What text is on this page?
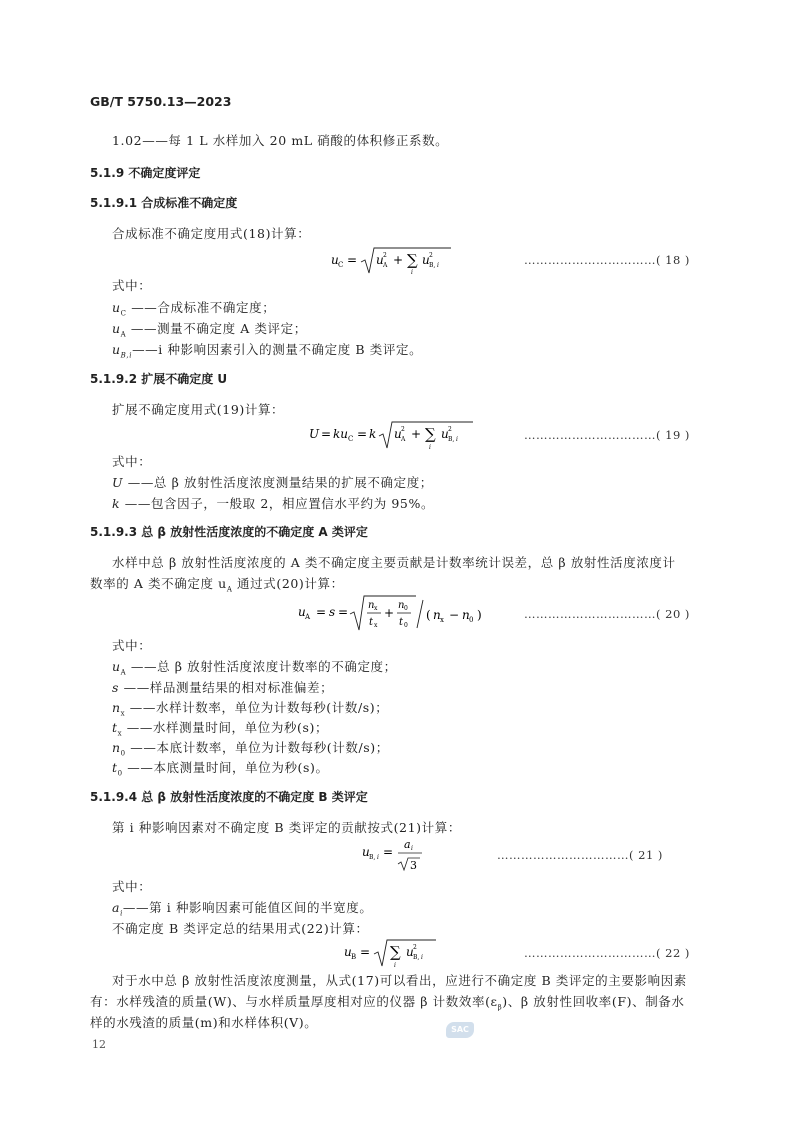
GB/T 5750.13—2023
1.02——每 1 L 水样加入 20 mL 硝酸的体积修正系数。
5.1.9 不确定度评定
5.1.9.1 合成标准不确定度
合成标准不确定度用式(18)计算：
u C = u 2
A + ∑
i
u 2
B, i	……………………………( 18 )
式中：
$u_C$ ——合成标准不确定度；
$u_A$ ——测量不确定度 A 类评定；
$u_{B,i}——i$ 种影响因素引入的测量不确定度 B 类评定。
5.1.9.2 扩展不确定度 U
扩展不确定度用式(19)计算：
U = ku C = k u 2
A + ∑
i
u 2
B, i	……………………………( 19 )
式中：
U ——总 β 放射性活度浓度测量结果的扩展不确定度；
k ——包含因子，一般取 2，相应置信水平约为 95%。
5.1.9.3 总 β 放射性活度浓度的不确定度 A 类评定
水样中总 β 放射性活度浓度的 A 类不确定度主要贡献是计数率统计误差，总 β 放射性活度浓度计
数率的 A 类不确定度 $u_A$ 通过式(20)计算：
u A = s = n x
t x
+
n 0
t 0
( n x − n 0 )	……………………………( 20 )
式中：
$u_A$ ——总 β 放射性活度浓度计数率的不确定度；
s ——样品测量结果的相对标准偏差；
$n_x$ ——水样计数率，单位为计数每秒(计数/s)；
$t_x$ ——水样测量时间，单位为秒(s)；
$n_0$ ——本底计数率，单位为计数每秒(计数/s)；
$t_0$ ——本底测量时间，单位为秒(s)。
5.1.9.4 总 β 放射性活度浓度的不确定度 B 类评定
第 i 种影响因素对不确定度 B 类评定的贡献按式(21)计算：
u B, i =
a i
3
……………………………( 21 )
式中：
$a_i——$第 i 种影响因素可能值区间的半宽度。
不确定度 B 类评定总的结果用式(22)计算：
u B = ∑
i
u 2
B, i	……………………………( 22 )
对于水中总 β 放射性活度浓度测量，从式(17)可以看出，应进行不确定度 B 类评定的主要影响因素
有：水样残渣的质量(W)、与水样质量厚度相对应的仪器 β 计数效率$(\varepsilon_\beta)$、β 放射性回收率(F)、制备水
样的水残渣的质量(m)和水样体积(V)。
12
SAC
